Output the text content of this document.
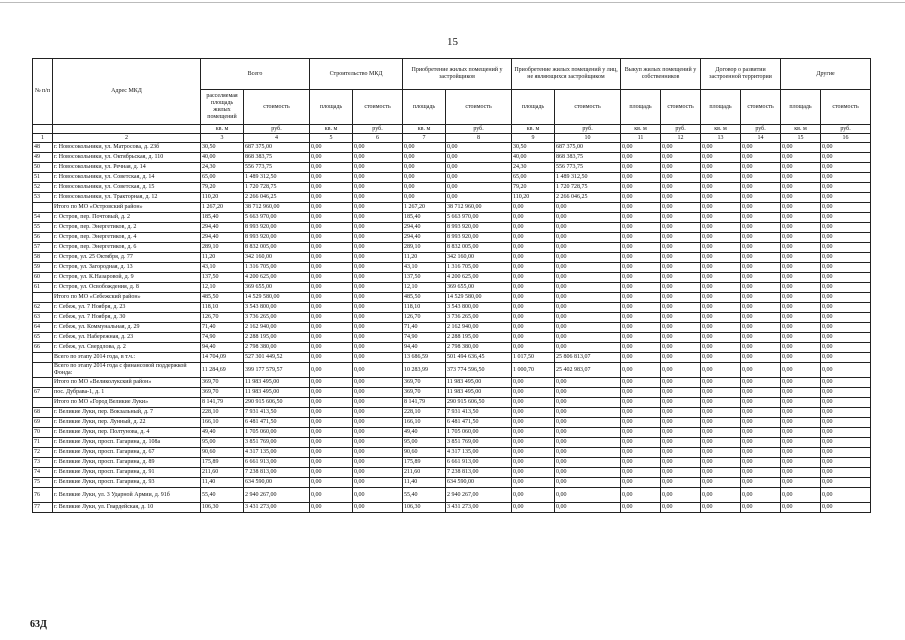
15
№ п/п	Адрес МКД	Всего		Строительство МКД		Приобретение жилых помещений у застройщиков		Приобретение жилых помещений у лиц, не являющихся застройщиком		Выкуп жилых помещений у собственников		Договор о развитии застроенной территории		Другие	
		расселяемая площадь жилых помещений	стоимость	площадь	стоимость	площадь	стоимость	площадь	стоимость	площадь	стоимость	площадь	стоимость	площадь	стоимость
		кв. м	руб.	кв. м	руб.	кв. м	руб.	кв. м	руб.	кв. м	руб.	кв. м	руб.	кв. м	руб.
1	2	3	4	5	6	7	8	9	10	11	12	13	14	15	16
48	г. Новосокольники, ул. Матросова, д. 23б	30,50	687 375,00	0,00	0,00	0,00	0,00	30,50	687 375,00	0,00	0,00	0,00	0,00	0,00	0,00
49	г. Новосокольники, ул. Октябрьская, д. 110	40,00	868 383,75	0,00	0,00	0,00	0,00	40,00	868 383,75	0,00	0,00	0,00	0,00	0,00	0,00
50	г. Новосокольники, ул. Речная, д. 14	24,30	556 773,75	0,00	0,00	0,00	0,00	24,30	556 773,75	0,00	0,00	0,00	0,00	0,00	0,00
51	г. Новосокольники, ул. Советская, д. 14	65,00	1 489 312,50	0,00	0,00	0,00	0,00	65,00	1 489 312,50	0,00	0,00	0,00	0,00	0,00	0,00
52	г. Новосокольники, ул. Советская, д. 15	79,20	1 720 728,75	0,00	0,00	0,00	0,00	79,20	1 720 728,75	0,00	0,00	0,00	0,00	0,00	0,00
53	г. Новосокольники, ул. Тракторная, д. 12	110,20	2 266 046,25	0,00	0,00	0,00	0,00	110,20	2 266 046,25	0,00	0,00	0,00	0,00	0,00	0,00
	Итого по МО «Островский район»	1 267,20	38 712 960,00	0,00	0,00	1 267,20	38 712 960,00	0,00	0,00	0,00	0,00	0,00	0,00	0,00	0,00
54	г. Остров, пер. Почтовый, д. 2	185,40	5 663 970,00	0,00	0,00	185,40	5 663 970,00	0,00	0,00	0,00	0,00	0,00	0,00	0,00	0,00
55	г. Остров, пер. Энергетиков, д. 2	294,40	8 993 920,00	0,00	0,00	294,40	8 993 920,00	0,00	0,00	0,00	0,00	0,00	0,00	0,00	0,00
56	г. Остров, пер. Энергетиков, д. 4	294,40	8 993 920,00	0,00	0,00	294,40	8 993 920,00	0,00	0,00	0,00	0,00	0,00	0,00	0,00	0,00
57	г. Остров, пер. Энергетиков, д. 6	289,10	8 832 005,00	0,00	0,00	289,10	8 832 005,00	0,00	0,00	0,00	0,00	0,00	0,00	0,00	0,00
58	г. Остров, ул. 25 Октября, д. 77	11,20	342 160,00	0,00	0,00	11,20	342 160,00	0,00	0,00	0,00	0,00	0,00	0,00	0,00	0,00
59	г. Остров, ул. Загородная, д. 13	43,10	1 316 705,00	0,00	0,00	43,10	1 316 705,00	0,00	0,00	0,00	0,00	0,00	0,00	0,00	0,00
60	г. Остров, ул. К.Назаровой, д. 9	137,50	4 200 625,00	0,00	0,00	137,50	4 200 625,00	0,00	0,00	0,00	0,00	0,00	0,00	0,00	0,00
61	г. Остров, ул. Освобождения, д. 8	12,10	369 655,00	0,00	0,00	12,10	369 655,00	0,00	0,00	0,00	0,00	0,00	0,00	0,00	0,00
	Итого по МО «Себежский район»	485,50	14 529 580,00	0,00	0,00	485,50	14 529 580,00	0,00	0,00	0,00	0,00	0,00	0,00	0,00	0,00
62	г. Себеж, ул. 7 Ноября, д. 23	118,10	3 543 800,00	0,00	0,00	118,10	3 543 800,00	0,00	0,00	0,00	0,00	0,00	0,00	0,00	0,00
63	г. Себеж, ул. 7 Ноября, д. 30	126,70	3 736 265,00	0,00	0,00	126,70	3 736 265,00	0,00	0,00	0,00	0,00	0,00	0,00	0,00	0,00
64	г. Себеж, ул. Коммунальная, д. 29	71,40	2 162 940,00	0,00	0,00	71,40	2 162 940,00	0,00	0,00	0,00	0,00	0,00	0,00	0,00	0,00
65	г. Себеж, ул. Набережная, д. 23	74,90	2 288 195,00	0,00	0,00	74,90	2 288 195,00	0,00	0,00	0,00	0,00	0,00	0,00	0,00	0,00
66	г. Себеж, ул. Свердлова, д. 2	94,40	2 798 380,00	0,00	0,00	94,40	2 798 380,00	0,00	0,00	0,00	0,00	0,00	0,00	0,00	0,00
	Всего по этапу 2014 года, в т.ч.:	14 704,09	527 301 449,52	0,00	0,00	13 686,59	501 494 636,45	1 017,50	25 806 813,07	0,00	0,00	0,00	0,00	0,00	0,00
	Всего по этапу 2014 года с финансовой поддержкой Фонда:	11 284,69	399 177 579,57	0,00	0,00	10 283,99	373 774 596,50	1 000,70	25 402 983,07	0,00	0,00	0,00	0,00	0,00	0,00
	Итого по МО «Великолукский район»	369,70	11 983 495,00	0,00	0,00	369,70	11 983 495,00	0,00	0,00	0,00	0,00	0,00	0,00	0,00	0,00
67	пос. Дубрава-1, д. 1	369,70	11 983 495,00	0,00	0,00	369,70	11 983 495,00	0,00	0,00	0,00	0,00	0,00	0,00	0,00	0,00
	Итого по МО «Город Великие Луки»	8 141,79	290 915 606,50	0,00	0,00	8 141,79	290 915 606,50	0,00	0,00	0,00	0,00	0,00	0,00	0,00	0,00
68	г. Великие Луки, пер. Вокзальный, д. 7	228,10	7 931 413,50	0,00	0,00	228,10	7 931 413,50	0,00	0,00	0,00	0,00	0,00	0,00	0,00	0,00
69	г. Великие Луки, пер. Лунный, д. 22	166,10	6 481 471,50	0,00	0,00	166,10	6 481 471,50	0,00	0,00	0,00	0,00	0,00	0,00	0,00	0,00
70	г. Великие Луки, пер. Полтунова, д. 4	49,40	1 705 060,00	0,00	0,00	49,40	1 705 060,00	0,00	0,00	0,00	0,00	0,00	0,00	0,00	0,00
71	г. Великие Луки, просп. Гагарина, д. 108а	95,00	3 851 769,00	0,00	0,00	95,00	3 851 769,00	0,00	0,00	0,00	0,00	0,00	0,00	0,00	0,00
72	г. Великие Луки, просп. Гагарина, д. 67	90,60	4 317 135,00	0,00	0,00	90,60	4 317 135,00	0,00	0,00	0,00	0,00	0,00	0,00	0,00	0,00
73	г. Великие Луки, просп. Гагарина, д. 89	175,89	6 661 913,00	0,00	0,00	175,89	6 661 913,00	0,00	0,00	0,00	0,00	0,00	0,00	0,00	0,00
74	г. Великие Луки, просп. Гагарина, д. 91	211,60	7 238 813,00	0,00	0,00	211,60	7 238 813,00	0,00	0,00	0,00	0,00	0,00	0,00	0,00	0,00
75	г. Великие Луки, просп. Гагарина, д. 93	11,40	634 590,00	0,00	0,00	11,40	634 590,00	0,00	0,00	0,00	0,00	0,00	0,00	0,00	0,00
76	г. Великие Луки, ул. 3 Ударной Армии, д. 91б	55,40	2 940 267,00	0,00	0,00	55,40	2 940 267,00	0,00	0,00	0,00	0,00	0,00	0,00	0,00	0,00
77	г. Великие Луки, ул. Гвардейская, д. 10	106,30	3 431 273,00	0,00	0,00	106,30	3 431 273,00	0,00	0,00	0,00	0,00	0,00	0,00	0,00	0,00
63Д
